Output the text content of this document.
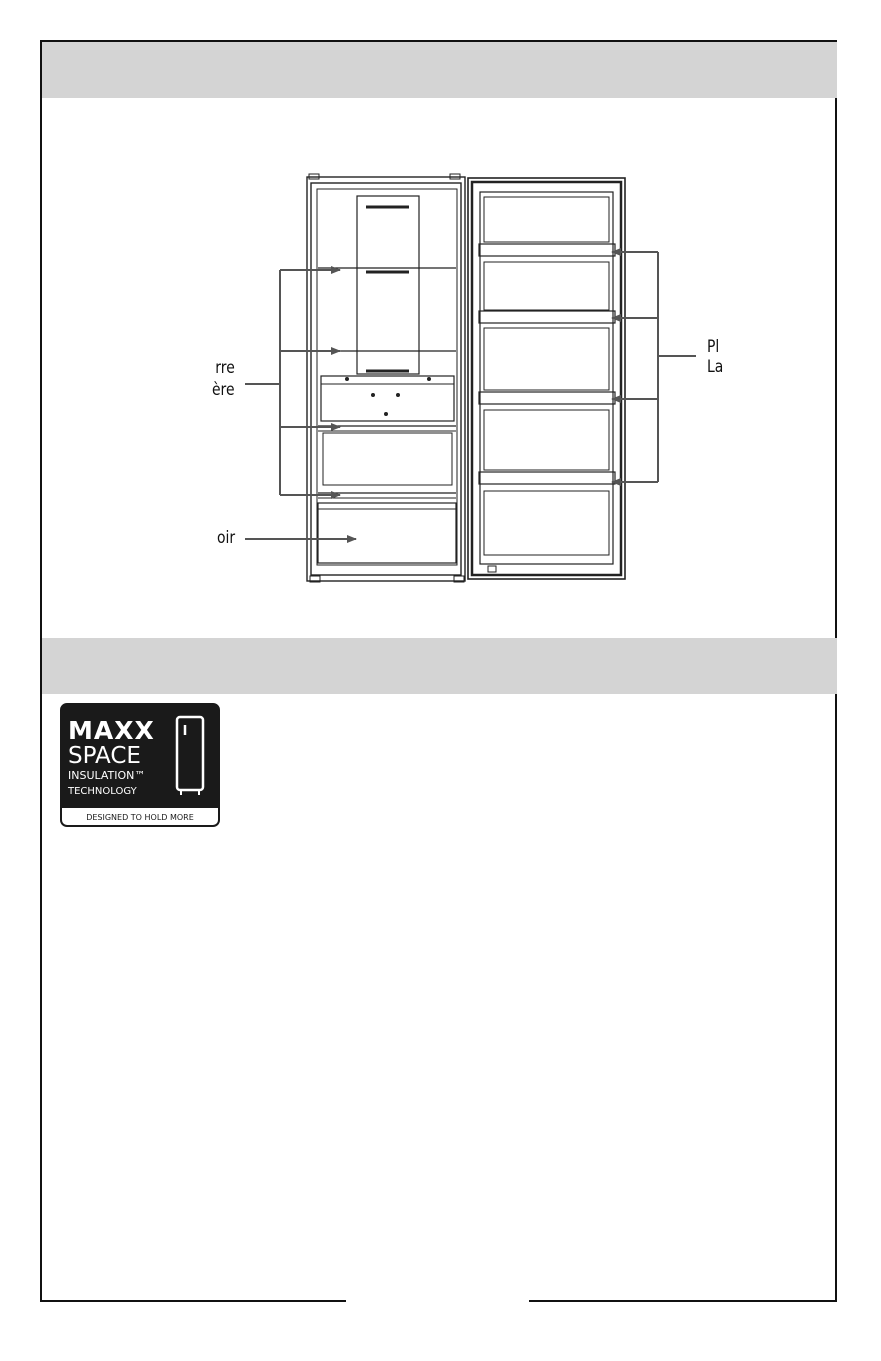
rre
ère
oir
Pl
La
MAXX
SPACE
INSULATION™
TECHNOLOGY
DESIGNED TO HOLD MORE
